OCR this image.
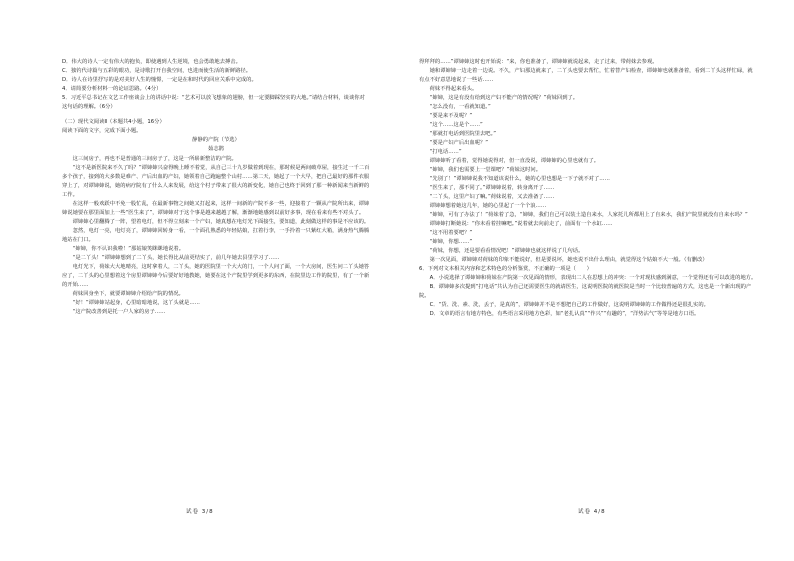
D．伟大的诗人一定有伟大的抱负，即使遇到人生逆境，也会勇敢地去搏击。

C．独钓代诗篇与五彩的眼功，是诗歌打开自我空间，也进而使生活的新鲜路径。

D．诗人在诗里抒写的是对美好人生的憧憬，一定是在和时代的回应关系中完成的。

4．请简要分析材料一的论证思路。（4分）

5．习近平总书记在文艺工作座谈会上的讲话中说：“艺术可以放飞想象的翅膀，但一定要脚踩坚实的大地。”请结合材料，谈谈你对这句话的理解。（6分）

（二）现代文阅读Ⅱ（本题共4小题，16分）

阅读下面的文字，完成下面小题。

静静的产院（节选）

茹志鹃

这三间房子，再也不是普通的三间房子了，这是一所崭新整洁的产院。

“这不是新医院来不久了吗？”谭婶婶兴奋得晚上睡不着觉，从自己三十九岁做着到现在，那时候是两间破草屋，接生过一千二百多个孩子，接到的大多数是难产、产后出血的产妇，她领着自己跑遍整个山村……第二天，她起了一个大早，把自己最好的那件衣服穿上了，对谭婶婶说，她的病疗院有了什么人来发展，给这个村子带来了很大的新变化，她自己也终于回到了那一种新闻来当新鲜的工作。

在这样一般欢跃中不免一股忙乱，在最新事物之间她又打起来，这样一间新的产院不多一些，迎接着了一颗从产院所出来，谭婶婶说她要在那里面加上一些“医生来了”，谭婶婶对于这个事是越来越越了解，渐渐地她感到以前好多事，现在看来有些不对头了。

谭婶婶心里翻腾了一阵，望着电灯，但不得立刻来一个产妇，她真想在电灯光下面接生，要知道，此刻做这样的事是不应该的。

忽然，电灯一亮，电灯亮了，谭婶婶回转身一看，一个面孔熟悉的年轻姑娘，扛着行李，一手拎着一只紫红大箱，满身热气腾腾地站在门口。

“婶婶，你不认识我啦！”那姑娘笑眯眯地说着。

“是二丫头！”谭婶婶想到了二丫头，她长得比从前更结实了，前几年她去县里学习了……

电灯光下，荷妹大大地晴亮，这时拿着人，二丫头，她的医院里一个大大的门，一个人问了面，一个大房间，医生问二丫头她答应了，二丫头的心里想着这个房里谭婶婶今后要好好地教她，她要在这个产院里学到更多的东西，在院里边工作的院里，有了一个新的开始……

荷妹回身坐下，就要谭婶婶介绍给产院的情况。

“好！”谭婶婶站起身，心里暗暗地说，这丫头就是……

“这产院改善到是托一户人家的房子……

试卷 3/8

得拜拜的……”谭婶婶这时也开始说：“来，你也准备了，谭婶婶就说起来，走了过来，带荷妹去参观。

她和谭婶婶一边走着一边说。不久，产妇那边就来了，二丫头也要去帮忙，忙着替产妇检查，谭婶婶也就准备着，看到二丫头这样忙碌，就有点不好意思地说了一些话……

荷妹不得起来看头。

“婶婶，这是有没有给到这产妇不能产的情况呢？”荷妹回到了。

“怎么没有，一看就知道。”

“要是来不及呢？”

“这个……这是个……”

“那就打电话到医院里去吧。”

“要是产妇产后出血呢？”

“打电话……”

谭婶婶听了看着，觉得她说得对，但一直没说，谭婶婶的心里也就有了。

“婶婶，我们也需要上一堂课吧？”荷妹这时问。

“先别了！”谭婶婶说我不知道该说什么，她的心里也想是一下子就不对了……

“医生来了，那不同了。”谭婶婶说着，转身离开了……

“二丫头，这里产妇了嘛。”荷妹说着，又去准备了……

谭婶婶想着她这几年，她的心里起了一个个浪……

“婶婶，可有了办法了！”荷妹着了急，“婶婶，我们自己可以装土造自来水，人家托儿所都用上了自来水，我们产院里就没有自来水吗？”

谭婶婶打断她说：“你未看着挂嘛吧。”说着就去向前走了，前面有一个水缸……

“这不用着要吧？”

“婶婶，你想……”

“荷妹，你想，还是要看看情况吧！”谭婶婶也就这样说了几句话。

第一次见面，谭婶婶对荷妹的印象不能说好，但是要说坏，她也说不出什么理由，就觉得这个姑娘不大一般。（有删改）

6．下列对文本相关内容和艺术特色的分析鉴赏，不正确的一项是（　　）

A．小说选择了谭婶婶和荷妹在产院第一次见面的情形，表现出二人在思想上的冲突：一个对现状感到满意，一个觉得还有可以改进的地方。

B．谭婶婶多次提到“打电话”共认为自己还需要医生的就请医生，这说明医院的就医院是当时一个比较普遍的方式，这也是一个新出现的产院。

C．“货、洗、素、洗，丢子，是真的”，谭婶婶并不是不想把自己的工作做好，这说明谭婶婶的工作做得还是很扎实的。

D．文章的语言有地方特色，有些语言采用地方色彩，如“老扎认真”“作兴”“有趣的”，“洋势沾气”等等是地方口语。

试卷 4/8
